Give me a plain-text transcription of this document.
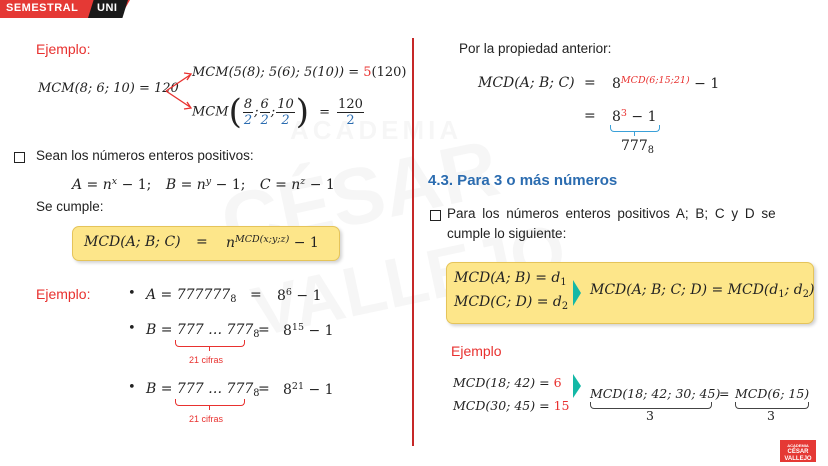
SEMESTRAL UNI
Ejemplo:
MCM(8; 6; 10) = 120
MCM(5(8); 5(6); 5(10)) = 5(120)
$MCM( \frac{8}{2}$ ; $\frac{6}{2}$ ; $\frac{10}{2}$ ) = $\frac{120}{2}$
Sean los números enteros positivos:
$A = n^x - 1$; $B = n^y - 1$; $C = n^z - 1$
Se cumple:
MCD(A; B; $C) = n^{MCD(x;y;z)} - 1$
Ejemplo:	• $A = 777777_8 = 8^6 - 1$
• B = 777 … $777_8$
= $8^{15} - 1$
21 cifras
• B = 777 … $777_8$
= $8^{21} - 1$
21 cifras
Por la propiedad anterior:
MCD(A; B; $C) = 8^{MCD(6;15;21)} - 1$
= $8^3 - 1$
$777_8$
4.3. Para 3 o más números
Para los números enteros positivos A; B; C y D se
cumple lo siguiente:
MCD(A; $B) = d_1$
MCD(C; $D) = d_2$
MCD(A; B; C; $D) = MCD(d_1$; $d_2$)
Ejemplo
MCD(18; 42) = 6
MCD(30; 45) = 15
MCD(18; 42; 30; 45)
3
= MCD(6; 15)
3
ACADEMIA
CÉSAR
VALLEJO
